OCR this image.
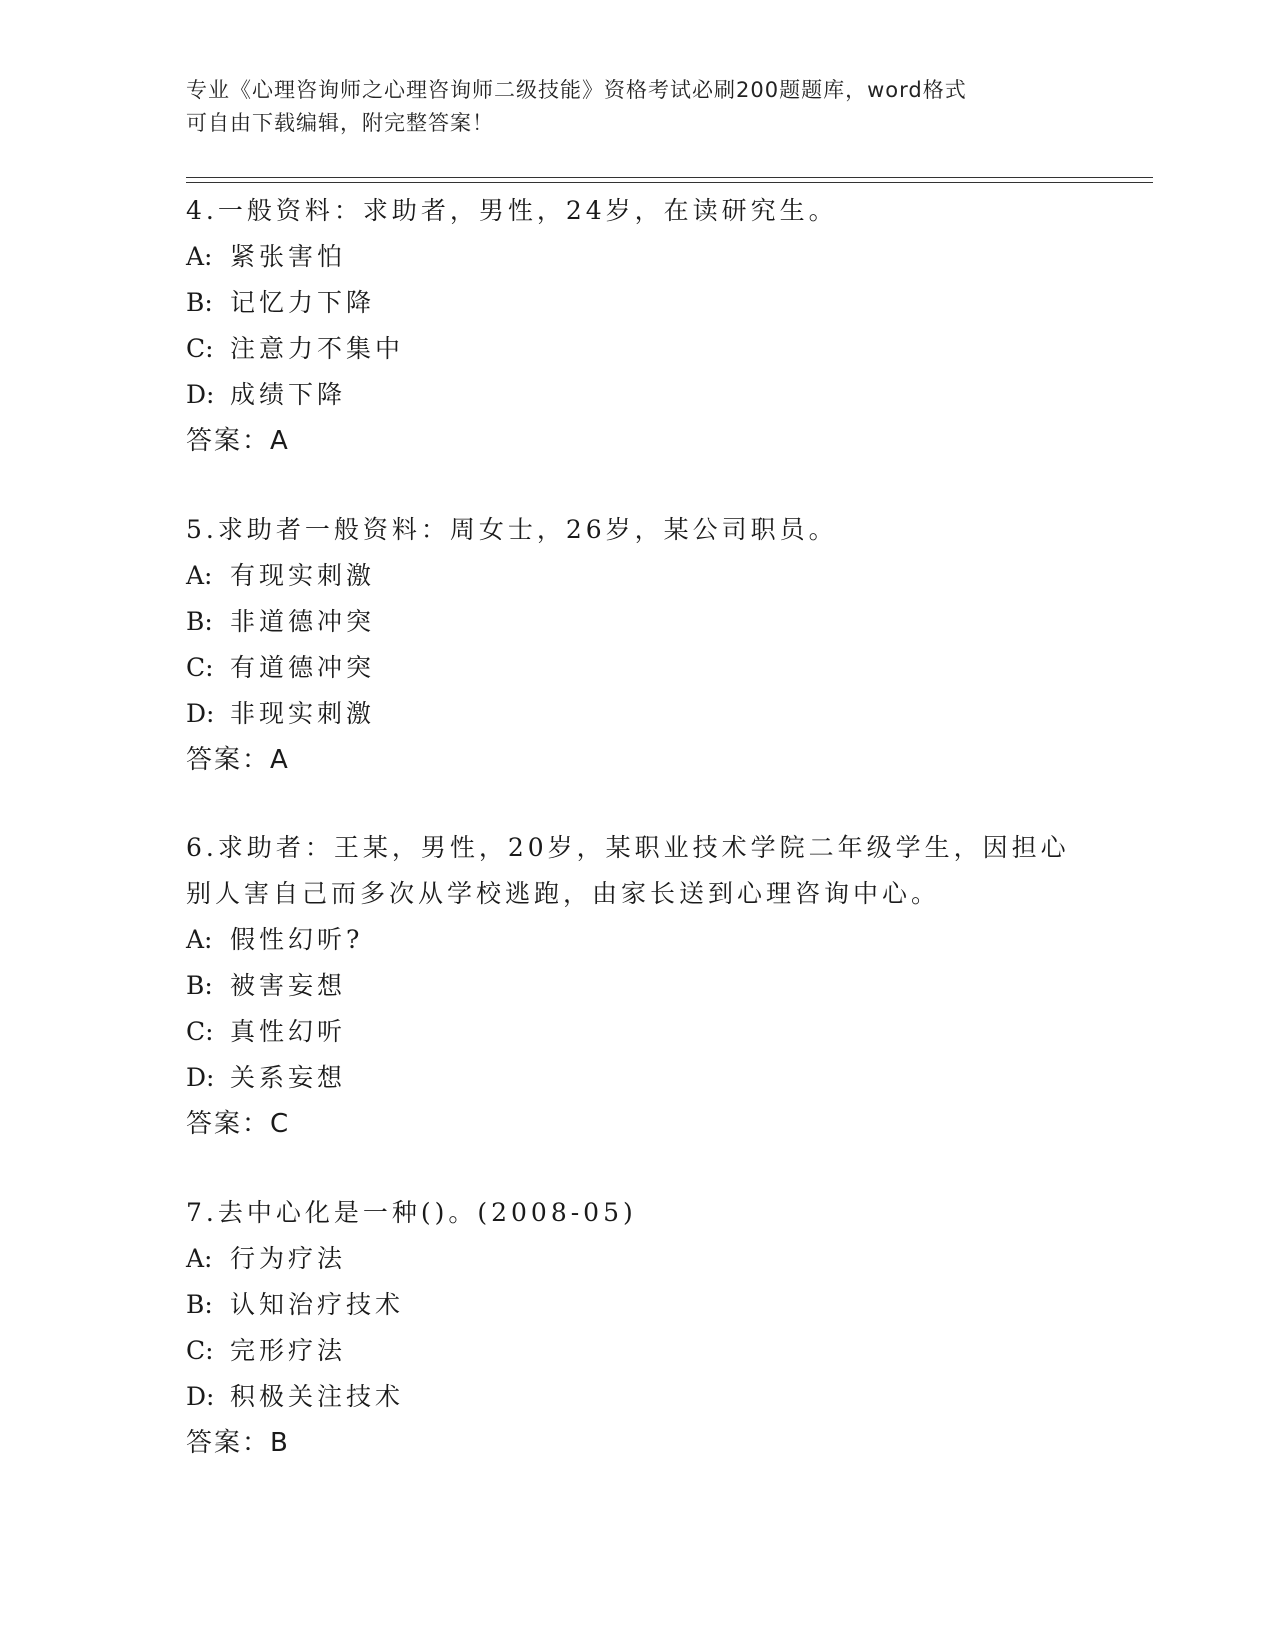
专业《心理咨询师之心理咨询师二级技能》资格考试必刷200题题库，word格式
可自由下载编辑，附完整答案！
4.一般资料：求助者，男性，24岁，在读研究生。
A: 紧张害怕
B: 记忆力下降
C: 注意力不集中
D: 成绩下降
答案：A
5.求助者一般资料：周女士，26岁，某公司职员。
A: 有现实刺激
B: 非道德冲突
C: 有道德冲突
D: 非现实刺激
答案：A
6.求助者：王某，男性，20岁，某职业技术学院二年级学生，因担心
别人害自己而多次从学校逃跑，由家长送到心理咨询中心。
A: 假性幻听?
B: 被害妄想
C: 真性幻听
D: 关系妄想
答案：C
7.去中心化是一种()。(2008-05)
A: 行为疗法
B: 认知治疗技术
C: 完形疗法
D: 积极关注技术
答案：B
